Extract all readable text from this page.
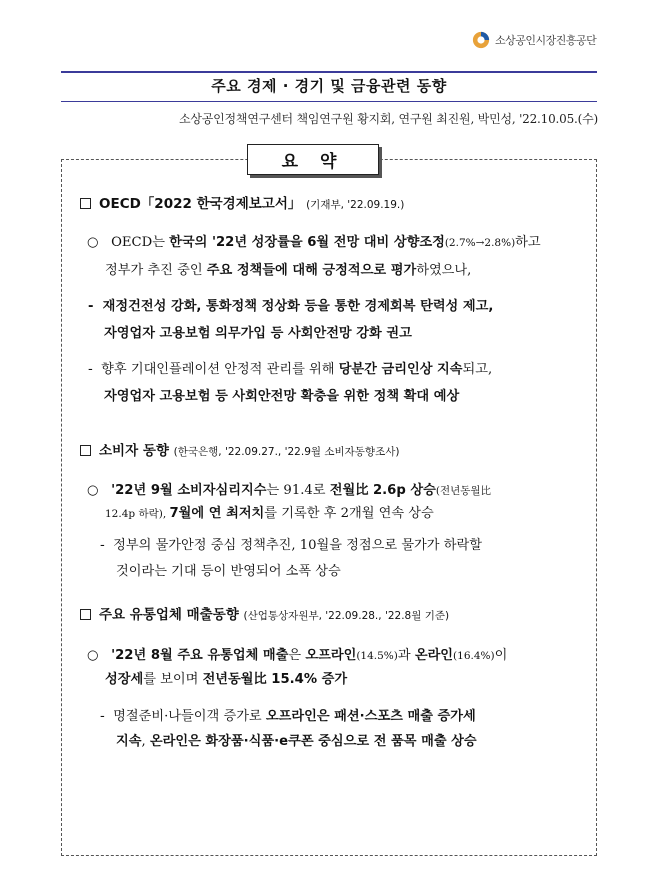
소상공인시장진흥공단
주요 경제 · 경기 및 금융관련 동향
소상공인정책연구센터 책임연구원 황지회, 연구원 최진원, 박민성, '22.10.05.(수)
요 약
OECD「2022 한국경제보고서」 (기재부, '22.09.19.)
○ OECD는 한국의 '22년 성장률을 6월 전망 대비 상향조정(2.7%→2.8%)하고
정부가 추진 중인 주요 정책들에 대해 긍정적으로 평가하였으나,
- 재정건전성 강화, 통화정책 정상화 등을 통한 경제회복 탄력성 제고,
자영업자 고용보험 의무가입 등 사회안전망 강화 권고
- 향후 기대인플레이션 안정적 관리를 위해 당분간 금리인상 지속되고,
자영업자 고용보험 등 사회안전망 확충을 위한 정책 확대 예상
소비자 동향 (한국은행, '22.09.27., '22.9월 소비자동향조사)
○ '22년 9월 소비자심리지수는 91.4로 전월比 2.6p 상승(전년동월比
12.4p 하락), 7월에 연 최저치를 기록한 후 2개월 연속 상승
- 정부의 물가안정 중심 정책추진, 10월을 정점으로 물가가 하락할
것이라는 기대 등이 반영되어 소폭 상승
주요 유통업체 매출동향 (산업통상자원부, '22.09.28., '22.8월 기준)
○ '22년 8월 주요 유통업체 매출은 오프라인(14.5%)과 온라인(16.4%)이
성장세를 보이며 전년동월比 15.4% 증가
- 명절준비·나들이객 증가로 오프라인은 패션·스포츠 매출 증가세
지속, 온라인은 화장품·식품·e쿠폰 중심으로 전 품목 매출 상승
